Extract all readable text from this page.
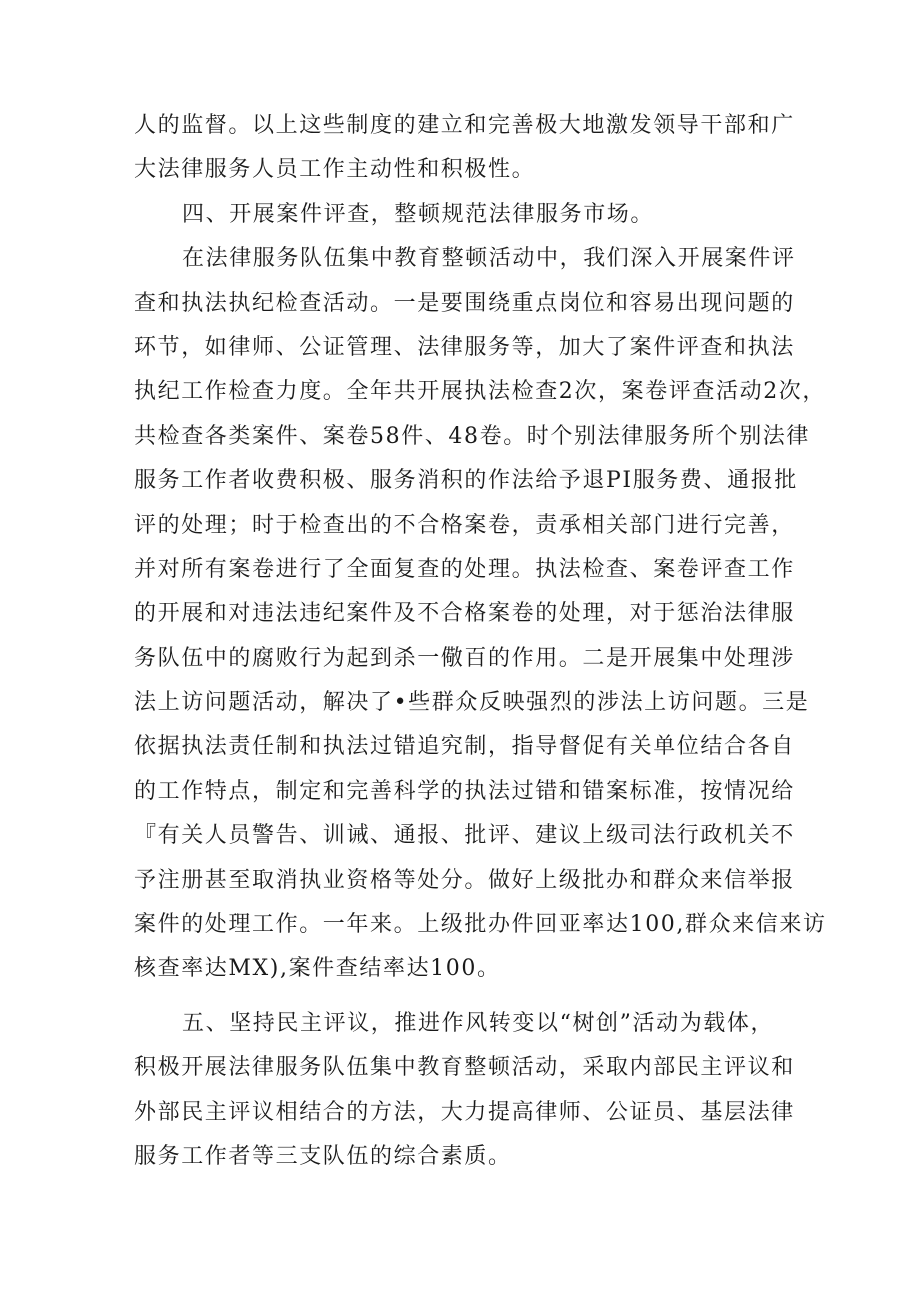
人的监督。以上这些制度的建立和完善极大地激发领导干部和广
大法律服务人员工作主动性和积极性。
四、开展案件评查，整顿规范法律服务市场。
在法律服务队伍集中教育整顿活动中，我们深入开展案件评
查和执法执纪检查活动。一是要围绕重点岗位和容易出现问题的
环节，如律师、公证管理、法律服务等，加大了案件评查和执法
执纪工作检查力度。全年共开展执法检查2次，案卷评查活动2次，
共检查各类案件、案卷58件、48卷。时个别法律服务所个别法律
服务工作者收费积极、服务消积的作法给予退PI服务费、通报批
评的处理；时于检查出的不合格案卷，责承相关部门进行完善，
并对所有案卷进行了全面复查的处理。执法检查、案卷评查工作
的开展和对违法违纪案件及不合格案卷的处理，对于惩治法律服
务队伍中的腐败行为起到杀一儆百的作用。二是开展集中处理涉
法上访问题活动，解决了•些群众反映强烈的涉法上访问题。三是
依据执法责任制和执法过错追究制，指导督促有关单位结合各自
的工作特点，制定和完善科学的执法过错和错案标准，按情况给
『有关人员警告、训诫、通报、批评、建议上级司法行政机关不
予注册甚至取消执业资格等处分。做好上级批办和群众来信举报
案件的处理工作。一年来。上级批办件回亚率达100,群众来信来访
核查率达MX),案件查结率达100。
五、坚持民主评议，推进作风转变以“树创”活动为载体，
积极开展法律服务队伍集中教育整顿活动，采取内部民主评议和
外部民主评议相结合的方法，大力提高律师、公证员、基层法律
服务工作者等三支队伍的综合素质。
